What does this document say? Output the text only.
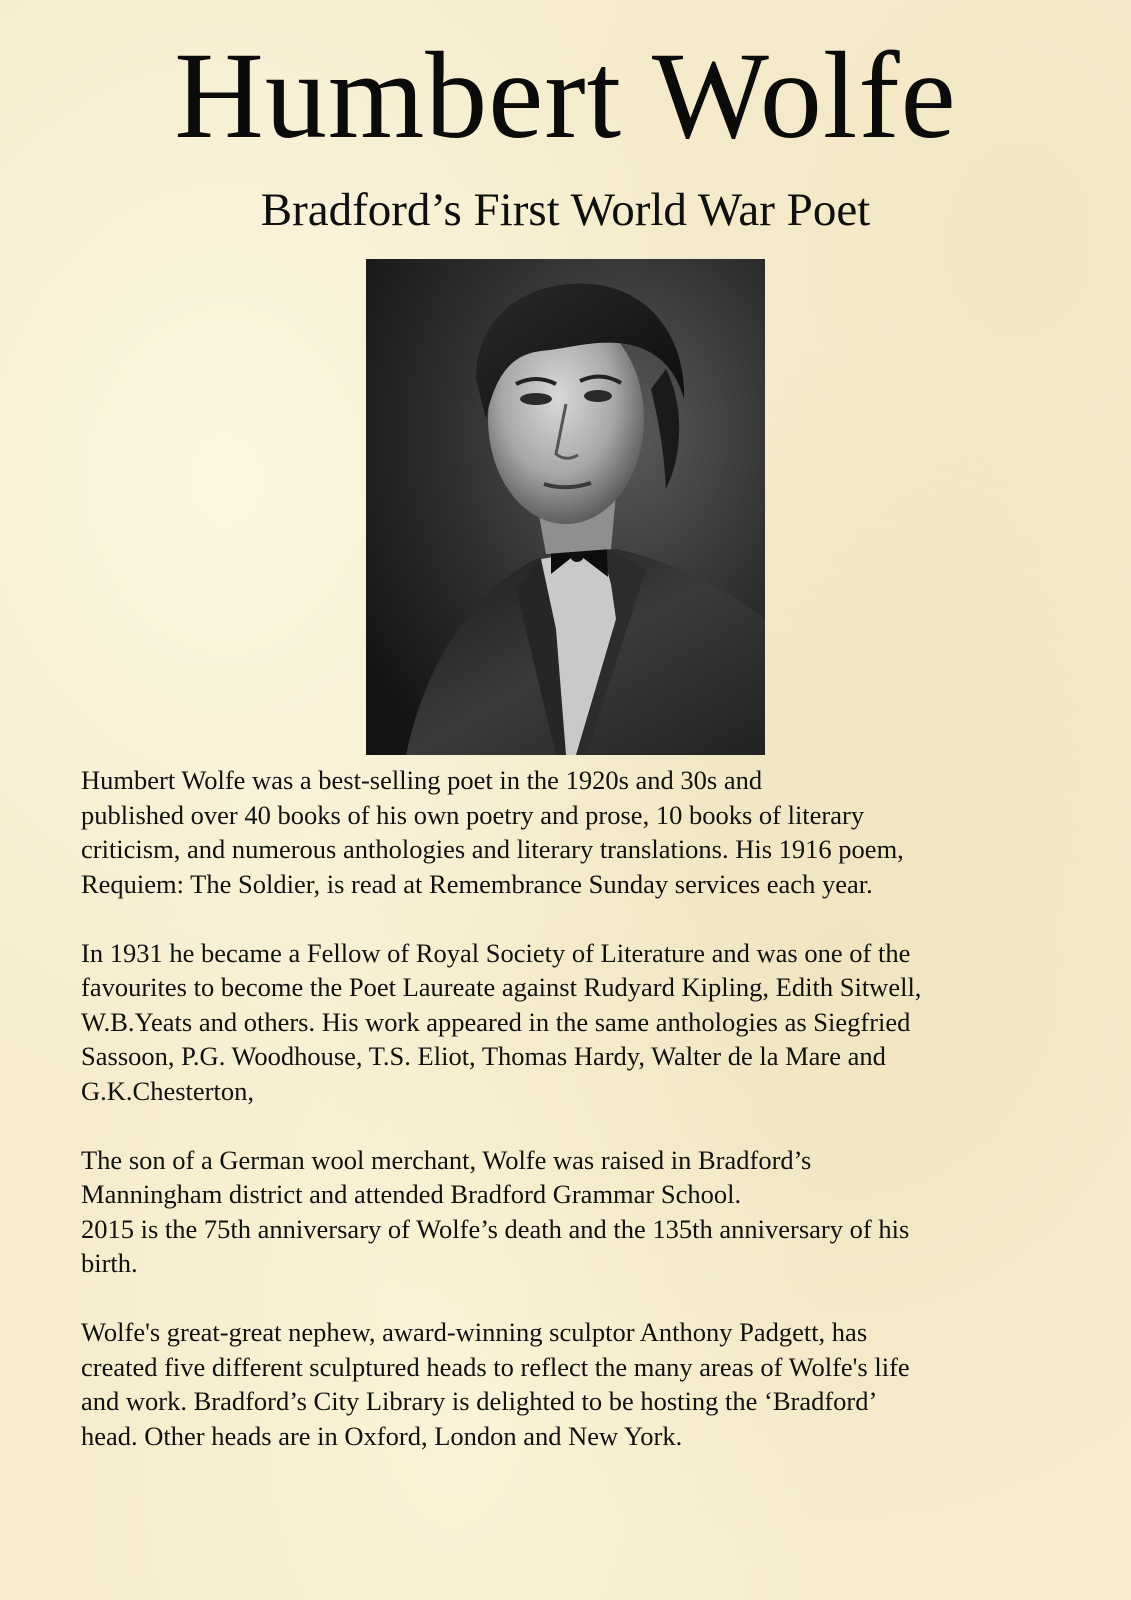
Humbert Wolfe
Bradford’s First World War Poet

Humbert Wolfe was a best-selling poet in the 1920s and 30s and
published over 40 books of his own poetry and prose, 10 books of literary
criticism, and numerous anthologies and literary translations. His 1916 poem,
Requiem: The Soldier, is read at Remembrance Sunday services each year.

In 1931 he became a Fellow of Royal Society of Literature and was one of the
favourites to become the Poet Laureate against Rudyard Kipling, Edith Sitwell,
W.B.Yeats and others. His work appeared in the same anthologies as Siegfried
Sassoon, P.G. Woodhouse, T.S. Eliot, Thomas Hardy, Walter de la Mare and
G.K.Chesterton,

The son of a German wool merchant, Wolfe was raised in Bradford’s
Manningham district and attended Bradford Grammar School.
2015 is the 75th anniversary of Wolfe’s death and the 135th anniversary of his
birth.

Wolfe's great-great nephew, award-winning sculptor Anthony Padgett, has
created five different sculptured heads to reflect the many areas of Wolfe's life
and work. Bradford’s City Library is delighted to be hosting the ‘Bradford’
head. Other heads are in Oxford, London and New York.
